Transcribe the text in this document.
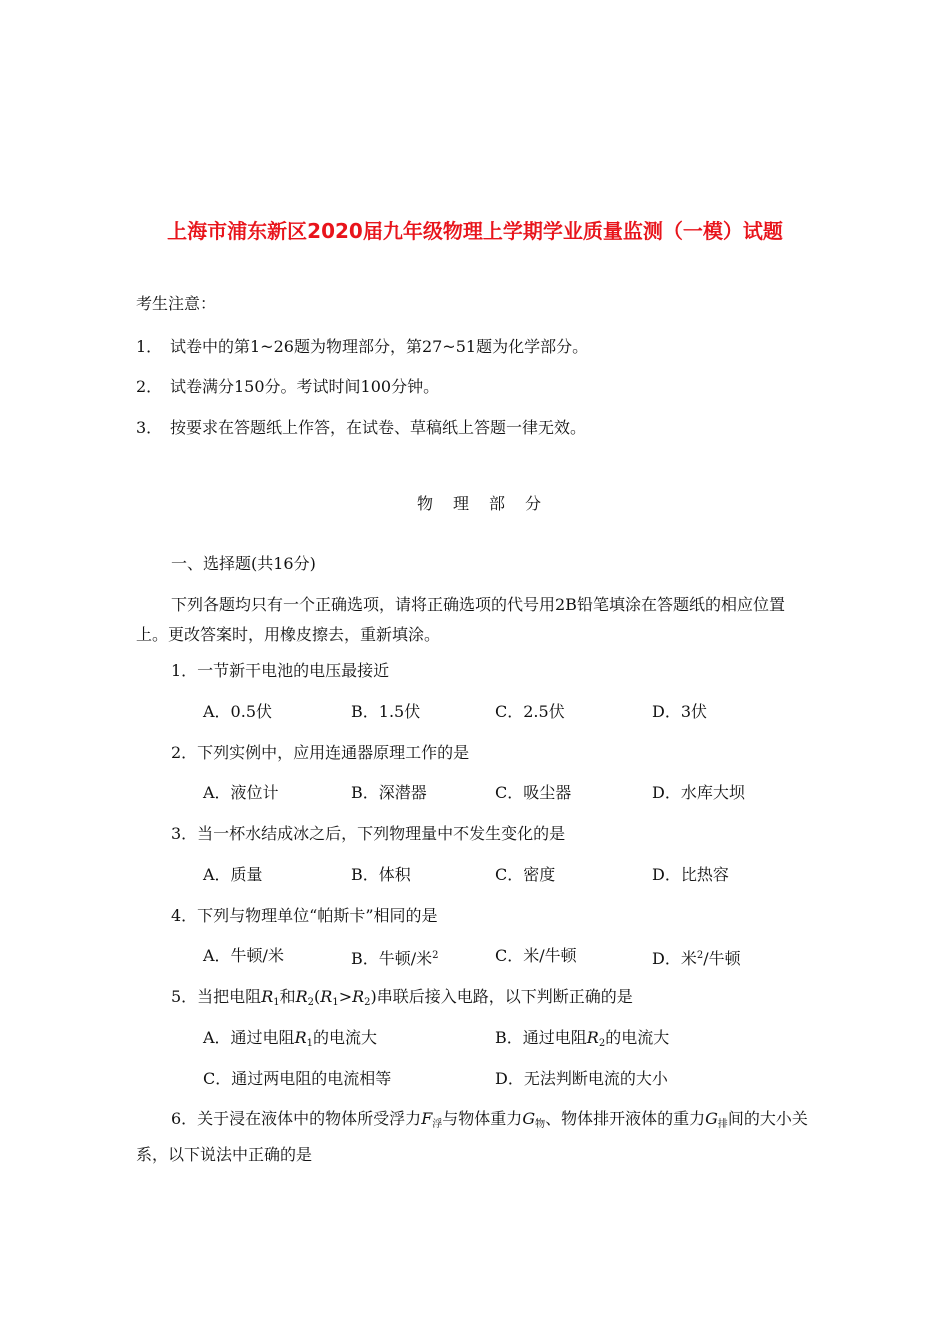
上海市浦东新区2020届九年级物理上学期学业质量监测（一模）试题
考生注意：
1． 试卷中的第1~26题为物理部分，第27~51题为化学部分。
2． 试卷满分150分。考试时间100分钟。
3． 按要求在答题纸上作答，在试卷、草稿纸上答题一律无效。
物理部分
一、选择题(共16分)
下列各题均只有一个正确选项，请将正确选项的代号用2B铅笔填涂在答题纸的相应位置上。更改答案时，用橡皮擦去，重新填涂。
1．一节新干电池的电压最接近
A．0.5伏	B．1.5伏	C．2.5伏	D．3伏
2．下列实例中，应用连通器原理工作的是
A．液位计	B．深潜器	C．吸尘器	D．水库大坝
3．当一杯水结成冰之后，下列物理量中不发生变化的是
A．质量	B．体积	C．密度	D．比热容
4．下列与物理单位“帕斯卡”相同的是
A．牛顿/米	B．牛顿/米$^2$	C．米/牛顿	D．米$^2$/牛顿
5．当把电阻$R_1$和$R_2(R_1>R_2)$串联后接入电路，以下判断正确的是
A．通过电阻$R_1$的电流大	B．通过电阻$R_2$的电流大
C．通过两电阻的电流相等	D．无法判断电流的大小
6．关于浸在液体中的物体所受浮力$F_浮$与物体重力$G_物$、物体排开液体的重力$G_排$间的大小关系，以下说法中正确的是
